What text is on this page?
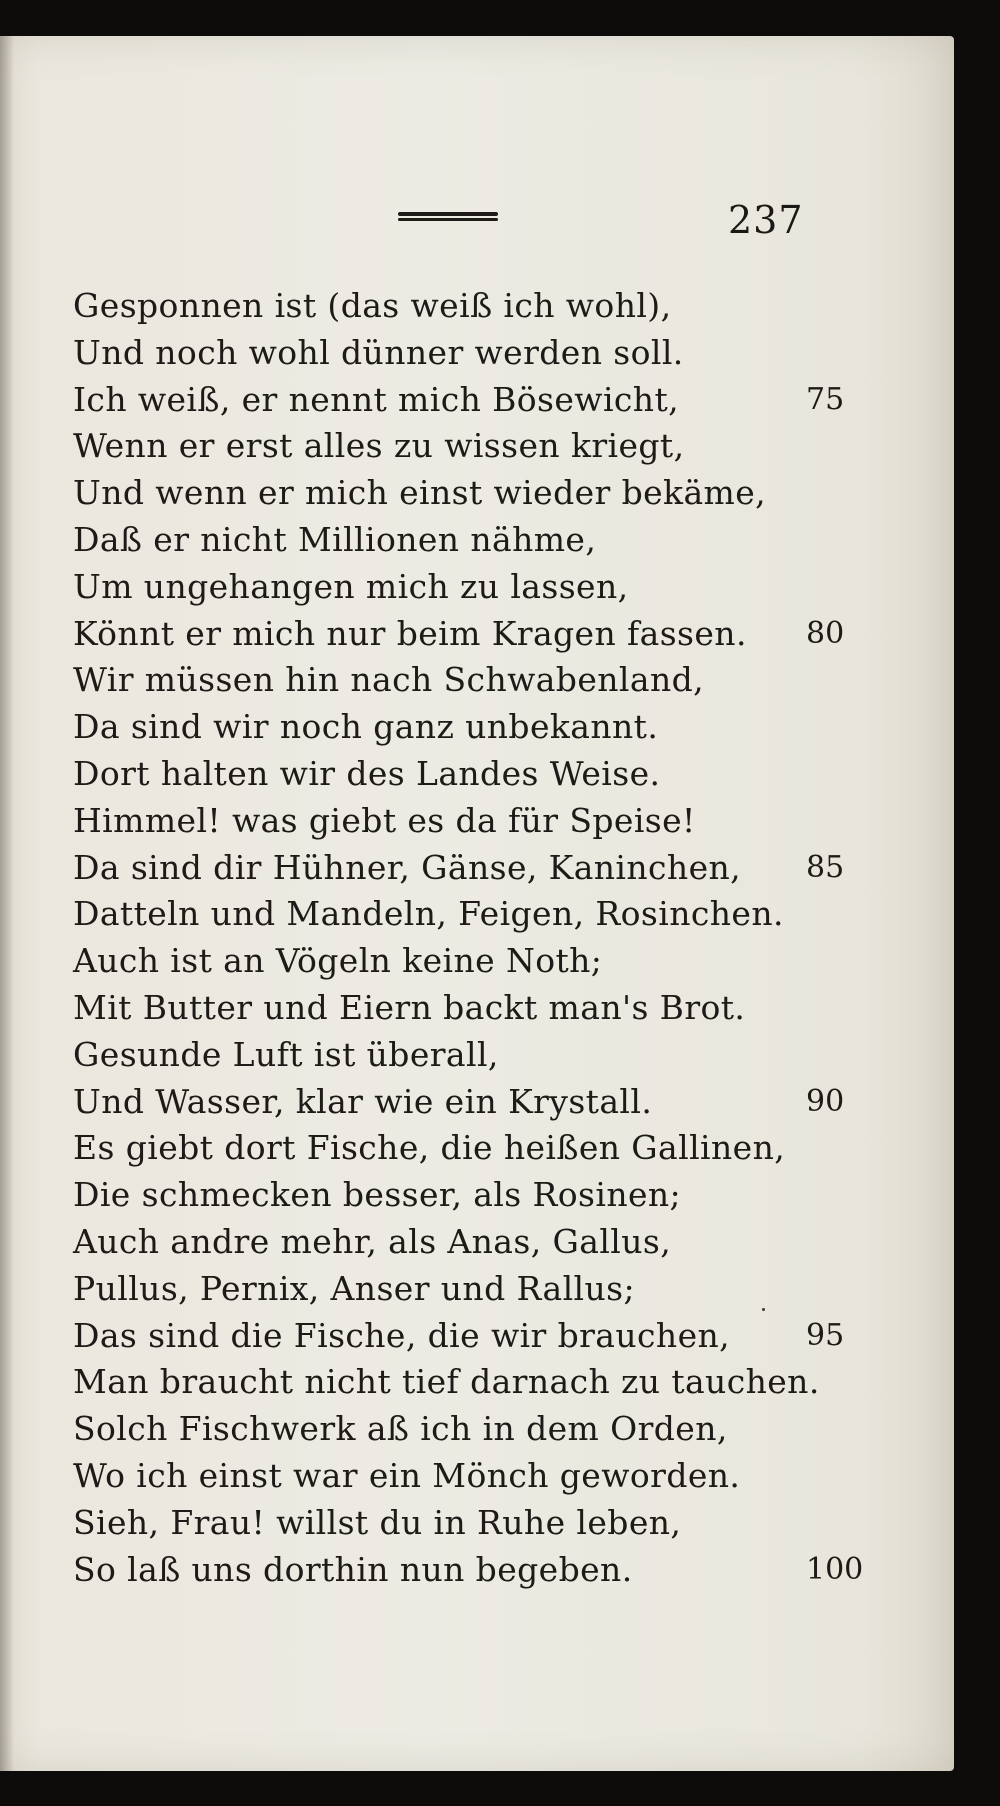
237
Gesponnen ist (das weiß ich wohl),
Und noch wohl dünner werden soll.
Ich weiß, er nennt mich Bösewicht,	75
Wenn er erst alles zu wissen kriegt,
Und wenn er mich einst wieder bekäme,
Daß er nicht Millionen nähme,
Um ungehangen mich zu lassen,
Könnt er mich nur beim Kragen fassen.	80
Wir müssen hin nach Schwabenland,
Da sind wir noch ganz unbekannt.
Dort halten wir des Landes Weise.
Himmel! was giebt es da für Speise!
Da sind dir Hühner, Gänse, Kaninchen,	85
Datteln und Mandeln, Feigen, Rosinchen.
Auch ist an Vögeln keine Noth;
Mit Butter und Eiern backt man's Brot.
Gesunde Luft ist überall,
Und Wasser, klar wie ein Krystall.	90
Es giebt dort Fische, die heißen Gallinen,
Die schmecken besser, als Rosinen;
Auch andre mehr, als Anas, Gallus,
Pullus, Pernix, Anser und Rallus;
Das sind die Fische, die wir brauchen,	95
Man braucht nicht tief darnach zu tauchen.
Solch Fischwerk aß ich in dem Orden,
Wo ich einst war ein Mönch geworden.
Sieh, Frau! willst du in Ruhe leben,
So laß uns dorthin nun begeben.	100
